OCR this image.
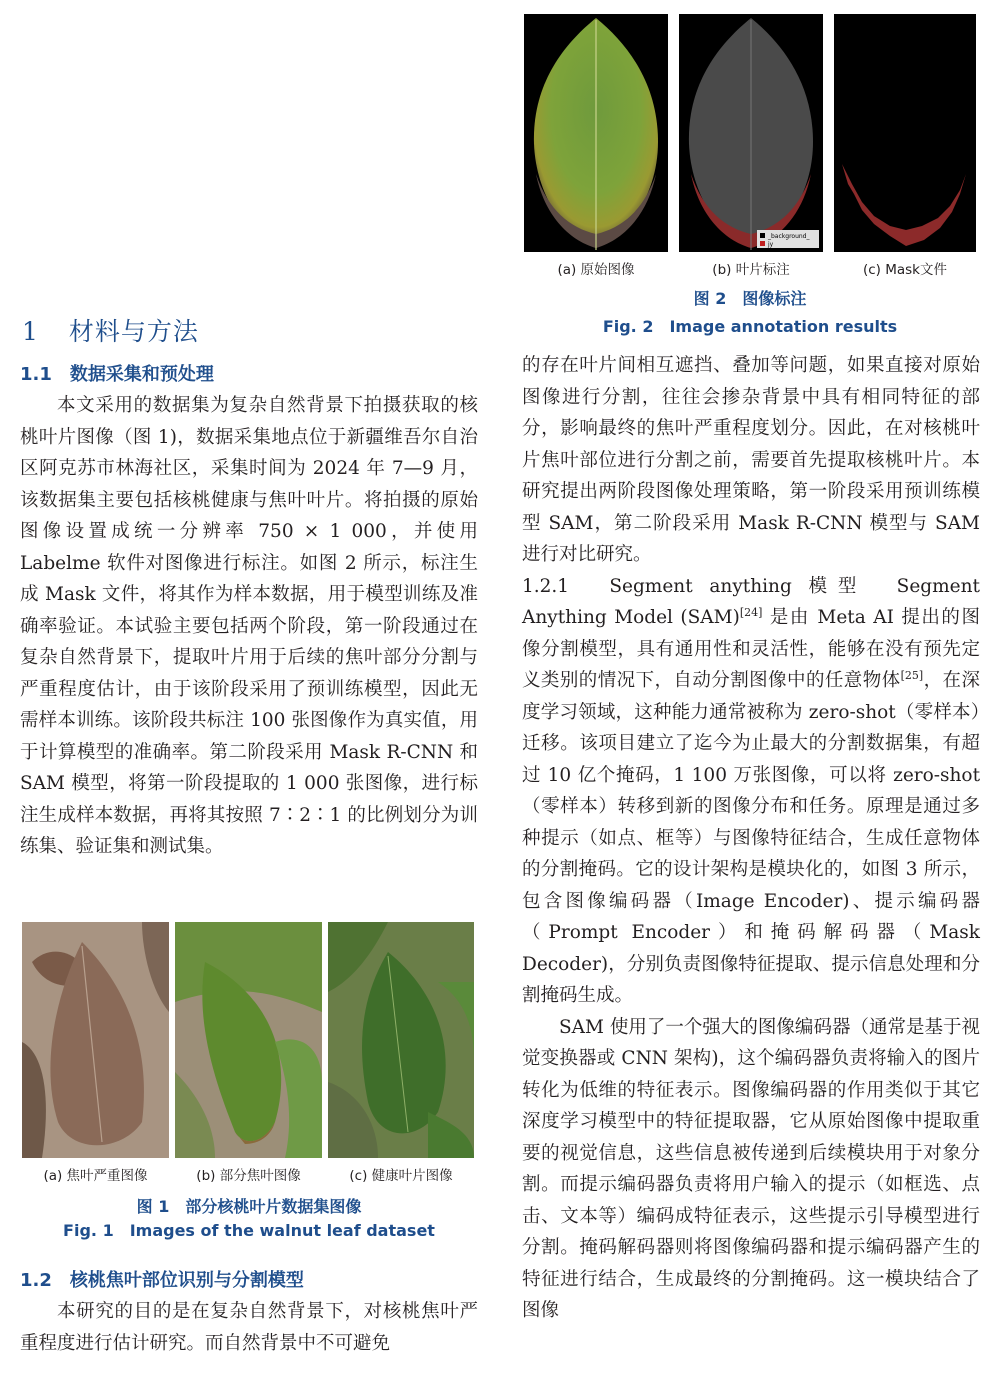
_background_
jy
(a) 原始图像	(b) 叶片标注	(c) Mask文件
图 2　图像标注
Fig. 2　Image annotation results
1 材料与方法
1.1 数据采集和预处理

本文采用的数据集为复杂自然背景下拍摄获取的核桃叶片图像（图 1)，数据采集地点位于新疆维吾尔自治区阿克苏市林海社区，采集时间为 2024 年 7—9 月，该数据集主要包括核桃健康与焦叶叶片。将拍摄的原始图像设置成统一分辨率 750 × 1 000，并使用 Labelme 软件对图像进行标注。如图 2 所示，标注生成 Mask 文件，将其作为样本数据，用于模型训练及准确率验证。本试验主要包括两个阶段，第一阶段通过在复杂自然背景下，提取叶片用于后续的焦叶部分分割与严重程度估计，由于该阶段采用了预训练模型，因此无需样本训练。该阶段共标注 100 张图像作为真实值，用于计算模型的准确率。第二阶段采用 Mask R-CNN 和 SAM 模型，将第一阶段提取的 1 000 张图像，进行标注生成样本数据，再将其按照 7∶2∶1 的比例划分为训练集、验证集和测试集。

(a) 焦叶严重图像	(b) 部分焦叶图像	(c) 健康叶片图像
图 1　部分核桃叶片数据集图像
Fig. 1　Images of the walnut leaf dataset
1.2 核桃焦叶部位识别与分割模型

本研究的目的是在复杂自然背景下，对核桃焦叶严重程度进行估计研究。而自然背景中不可避免

的存在叶片间相互遮挡、叠加等问题，如果直接对原始图像进行分割，往往会掺杂背景中具有相同特征的部分，影响最终的焦叶严重程度划分。因此，在对核桃叶片焦叶部位进行分割之前，需要首先提取核桃叶片。本研究提出两阶段图像处理策略，第一阶段采用预训练模型 SAM，第二阶段采用 Mask R-CNN 模型与 SAM 进行对比研究。

1.2.1　Segment anything 模型　 Segment Anything Model (SAM)[24] 是由 Meta AI 提出的图像分割模型，具有通用性和灵活性，能够在没有预先定义类别的情况下，自动分割图像中的任意物体[25]，在深度学习领域，这种能力通常被称为 zero-shot（零样本）迁移。该项目建立了迄今为止最大的分割数据集，有超过 10 亿个掩码，1 100 万张图像，可以将 zero-shot（零样本）转移到新的图像分布和任务。原理是通过多种提示（如点、框等）与图像特征结合，生成任意物体的分割掩码。它的设计架构是模块化的，如图 3 所示，包含图像编码器（Image Encoder)、提示编码器（Prompt Encoder）和掩码解码器（Mask Decoder)，分别负责图像特征提取、提示信息处理和分割掩码生成。

SAM 使用了一个强大的图像编码器（通常是基于视觉变换器或 CNN 架构)，这个编码器负责将输入的图片转化为低维的特征表示。图像编码器的作用类似于其它深度学习模型中的特征提取器，它从原始图像中提取重要的视觉信息，这些信息被传递到后续模块用于对象分割。而提示编码器负责将用户输入的提示（如框选、点击、文本等）编码成特征表示，这些提示引导模型进行分割。掩码解码器则将图像编码器和提示编码器产生的特征进行结合，生成最终的分割掩码。这一模块结合了图像
